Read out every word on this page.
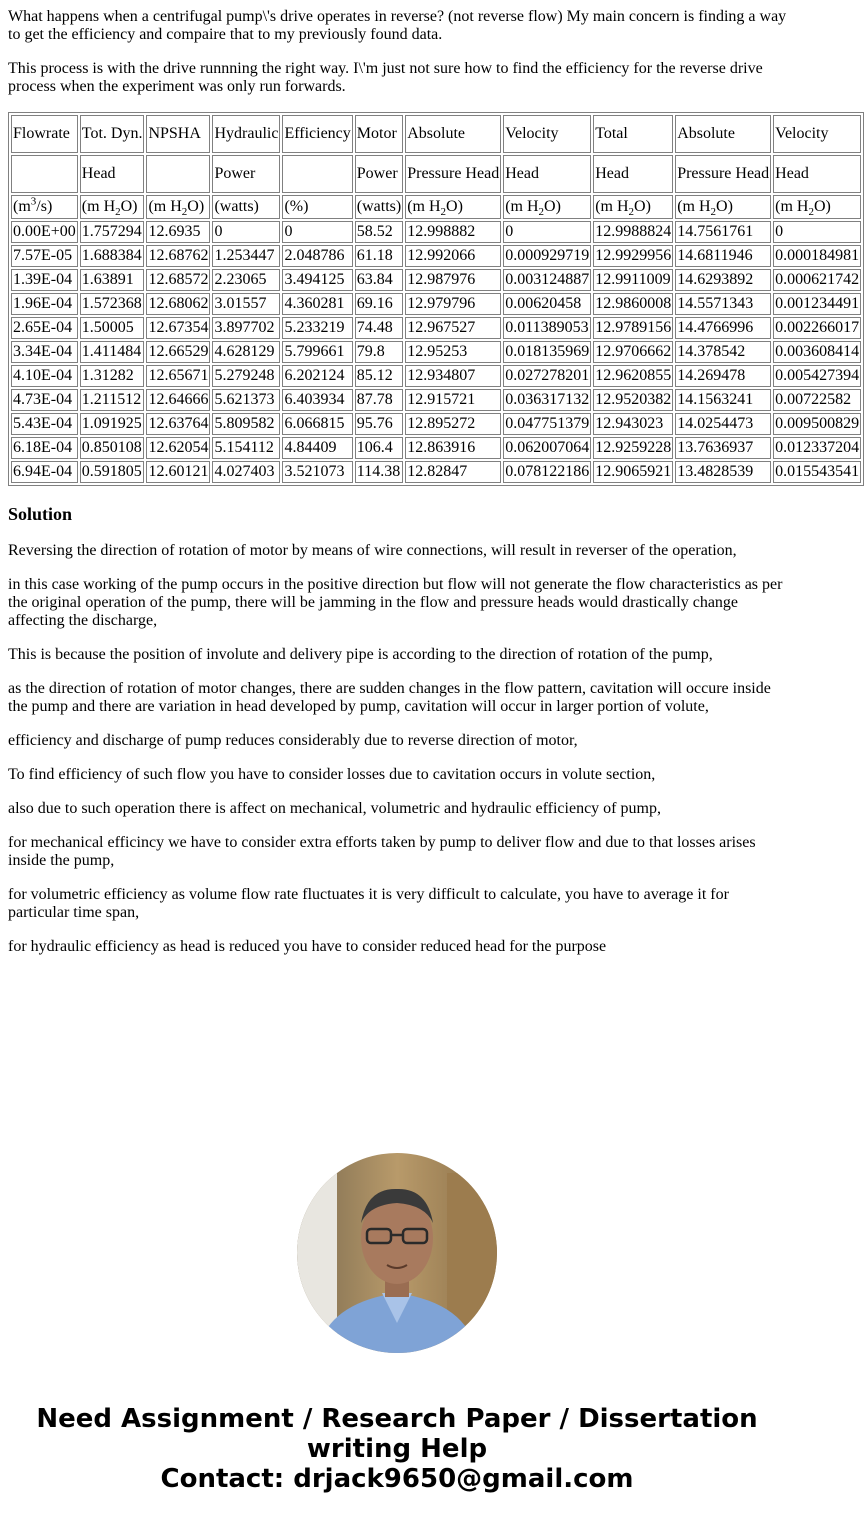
What happens when a centrifugal pump\'s drive operates in reverse? (not reverse flow) My main concern is finding a way to get the efficiency and compaire that to my previously found data.

This process is with the drive runnning the right way. I\'m just not sure how to find the efficiency for the reverse drive process when the experiment was only run forwards.

Flowrate	Tot. Dyn.	NPSHA	Hydraulic	Efficiency	Motor	Absolute	Velocity	Total	Absolute	Velocity
	Head		Power		Power	Pressure Head	Head	Head	Pressure Head	Head
$(m^3/s)$	(m $H_2O$)	(m $H_2O$)	(watts)	(%)	(watts)	(m $H_2O$)	(m $H_2O$)	(m $H_2O$)	(m $H_2O$)	(m $H_2O$)
0.00E+00	1.757294	12.6935	0	0	58.52	12.998882	0	12.9988824	14.7561761	0
7.57E-05	1.688384	12.68762	1.253447	2.048786	61.18	12.992066	0.000929719	12.9929956	14.6811946	0.000184981
1.39E-04	1.63891	12.68572	2.23065	3.494125	63.84	12.987976	0.003124887	12.9911009	14.6293892	0.000621742
1.96E-04	1.572368	12.68062	3.01557	4.360281	69.16	12.979796	0.00620458	12.9860008	14.5571343	0.001234491
2.65E-04	1.50005	12.67354	3.897702	5.233219	74.48	12.967527	0.011389053	12.9789156	14.4766996	0.002266017
3.34E-04	1.411484	12.66529	4.628129	5.799661	79.8	12.95253	0.018135969	12.9706662	14.378542	0.003608414
4.10E-04	1.31282	12.65671	5.279248	6.202124	85.12	12.934807	0.027278201	12.9620855	14.269478	0.005427394
4.73E-04	1.211512	12.64666	5.621373	6.403934	87.78	12.915721	0.036317132	12.9520382	14.1563241	0.00722582
5.43E-04	1.091925	12.63764	5.809582	6.066815	95.76	12.895272	0.047751379	12.943023	14.0254473	0.009500829
6.18E-04	0.850108	12.62054	5.154112	4.84409	106.4	12.863916	0.062007064	12.9259228	13.7636937	0.012337204
6.94E-04	0.591805	12.60121	4.027403	3.521073	114.38	12.82847	0.078122186	12.9065921	13.4828539	0.015543541
Solution

Reversing the direction of rotation of motor by means of wire connections, will result in reverser of the operation,

in this case working of the pump occurs in the positive direction but flow will not generate the flow characteristics as per the original operation of the pump, there will be jamming in the flow and pressure heads would drastically change affecting the discharge,

This is because the position of involute and delivery pipe is according to the direction of rotation of the pump,

as the direction of rotation of motor changes, there are sudden changes in the flow pattern, cavitation will occure inside the pump and there are variation in head developed by pump, cavitation will occur in larger portion of volute,

efficiency and discharge of pump reduces considerably due to reverse direction of motor,

To find efficiency of such flow you have to consider losses due to cavitation occurs in volute section,

also due to such operation there is affect on mechanical, volumetric and hydraulic efficiency of pump,

for mechanical efficincy we have to consider extra efforts taken by pump to deliver flow and due to that losses arises inside the pump,

for volumetric efficiency as volume flow rate fluctuates it is very difficult to calculate, you have to average it for particular time span,

for hydraulic efficiency as head is reduced you have to consider reduced head for the purpose

Need Assignment / Research Paper / Dissertation
writing Help
Contact: drjack9650@gmail.com
